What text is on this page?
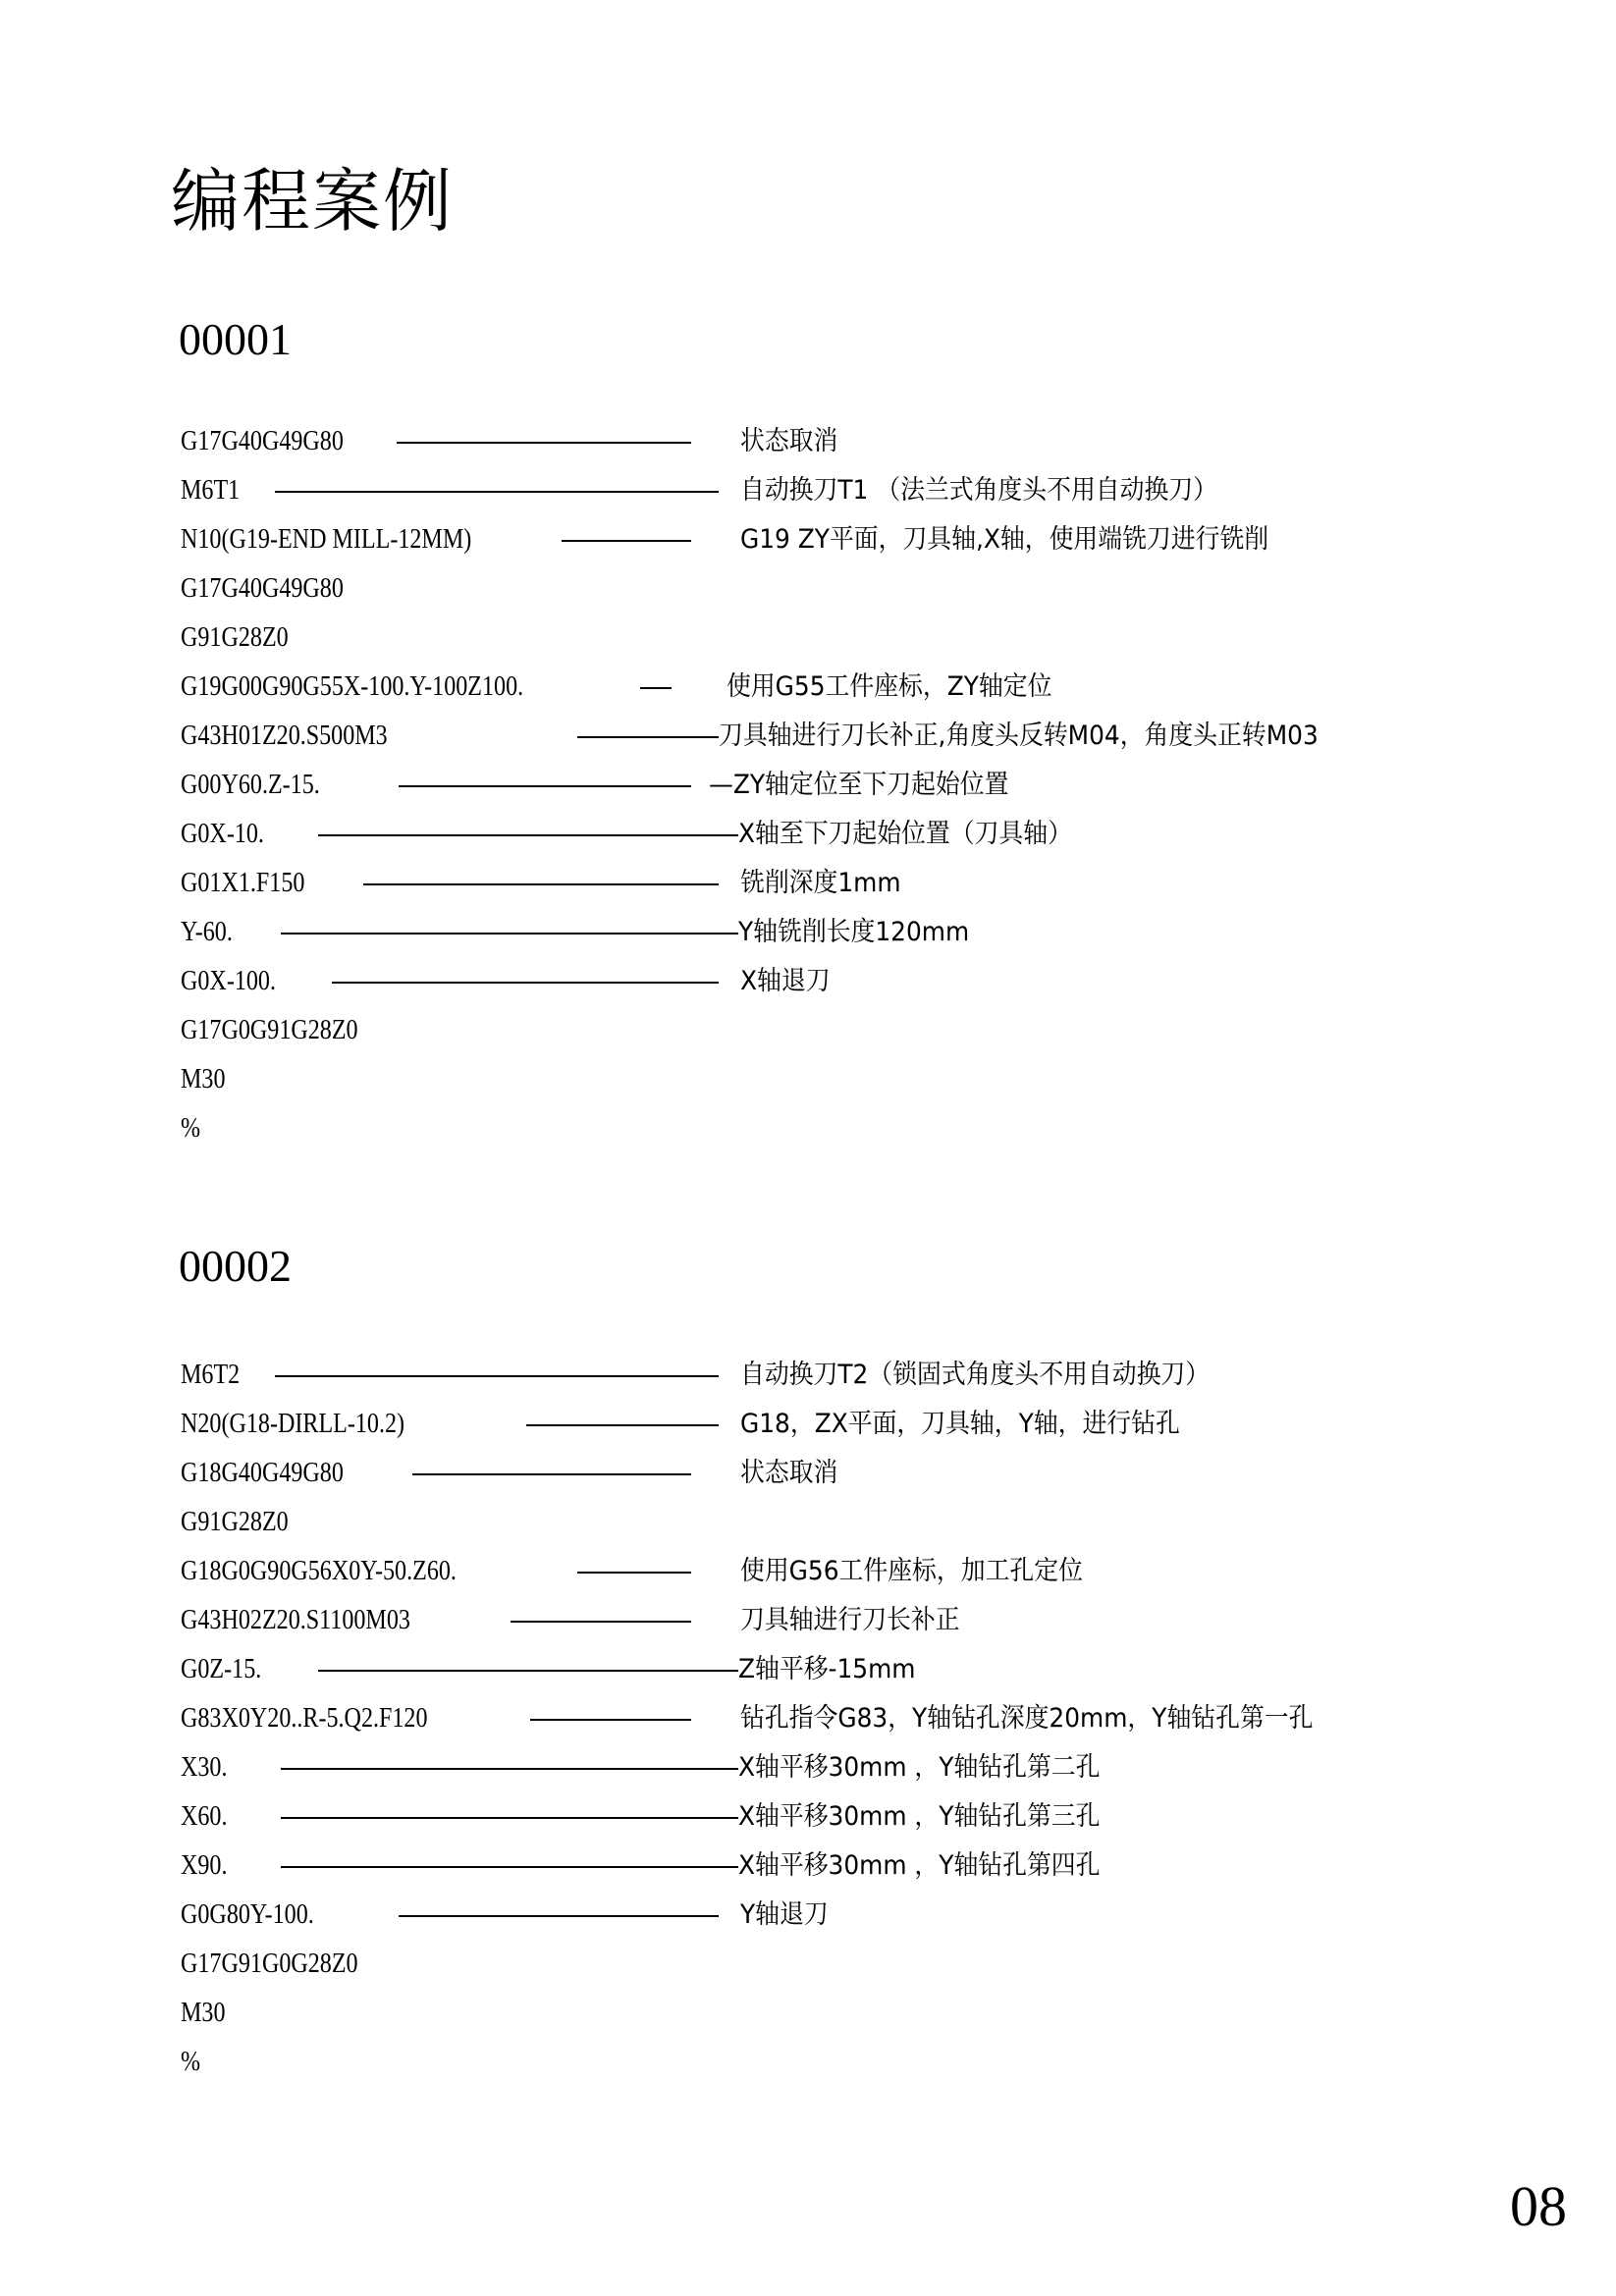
编程案例
00001
G17G40G49G80	状态取消
M6T1	自动换刀T1 （法兰式角度头不用自动换刀）
N10(G19-END MILL-12MM)	G19 ZY平面，刀具轴,X轴，使用端铣刀进行铣削
G17G40G49G80
G91G28Z0
G19G00G90G55X-100.Y-100Z100.	使用G55工件座标，ZY轴定位
G43H01Z20.S500M3	刀具轴进行刀长补正,角度头反转M04，角度头正转M03
G00Y60.Z-15.	—ZY轴定位至下刀起始位置
G0X-10.	X轴至下刀起始位置（刀具轴）
G01X1.F150	铣削深度1mm
Y-60.	Y轴铣削长度120mm
G0X-100.	X轴退刀
G17G0G91G28Z0
M30
%
00002
M6T2	自动换刀T2（锁固式角度头不用自动换刀）
N20(G18-DIRLL-10.2)	G18，ZX平面，刀具轴，Y轴，进行钻孔
G18G40G49G80	状态取消
G91G28Z0
G18G0G90G56X0Y-50.Z60.	使用G56工件座标，加工孔定位
G43H02Z20.S1100M03	刀具轴进行刀长补正
G0Z-15.	Z轴平移-15mm
G83X0Y20..R-5.Q2.F120	钻孔指令G83，Y轴钻孔深度20mm，Y轴钻孔第一孔
X30.	X轴平移30mm ，Y轴钻孔第二孔
X60.	X轴平移30mm ，Y轴钻孔第三孔
X90.	X轴平移30mm ，Y轴钻孔第四孔
G0G80Y-100.	Y轴退刀
G17G91G0G28Z0
M30
%
08
